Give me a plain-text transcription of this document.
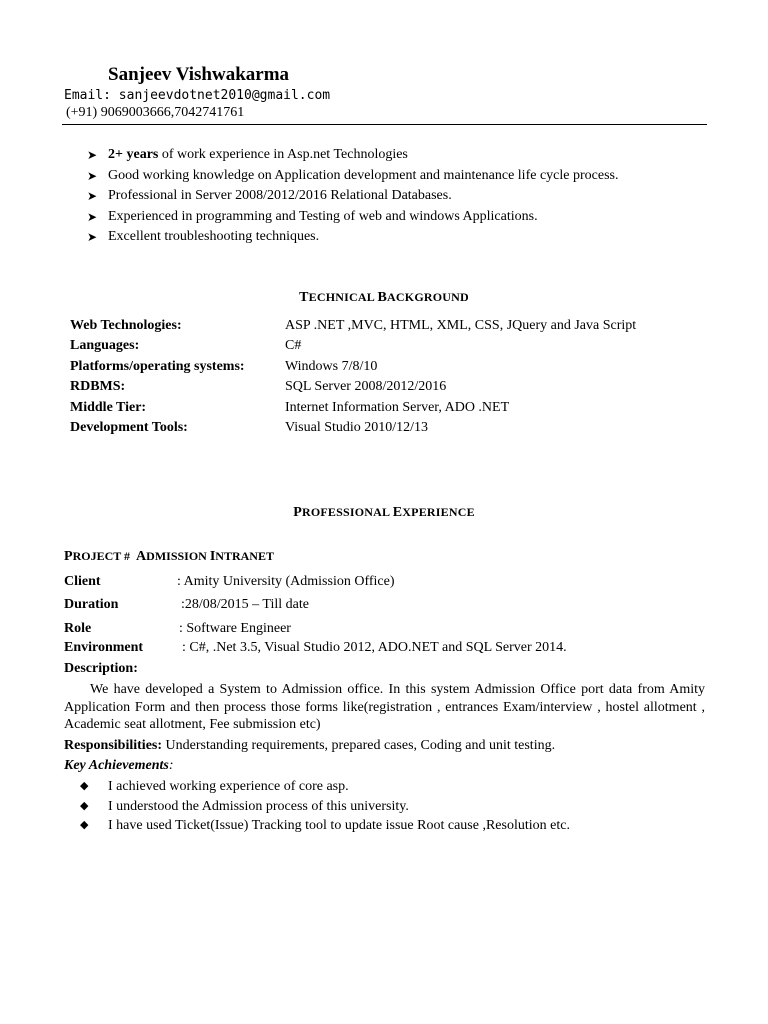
Sanjeev Vishwakarma
Email: sanjeevdotnet2010@gmail.com
(+91) 9069003666,7042741761
➤ 2+ years of work experience in Asp.net Technologies
➤ Good working knowledge on Application development and maintenance life cycle process.
➤ Professional in Server 2008/2012/2016 Relational Databases.
➤ Experienced in programming and Testing of web and windows Applications.
➤ Excellent troubleshooting techniques.
TECHNICAL BACKGROUND
Web Technologies:	ASP .NET ,MVC, HTML, XML, CSS, JQuery and Java Script
Languages:	C#
Platforms/operating systems:	Windows 7/8/10
RDBMS:	SQL Server 2008/2012/2016
Middle Tier:	Internet Information Server, ADO .NET
Development Tools:	Visual Studio 2010/12/13
PROFESSIONAL EXPERIENCE
PROJECT #  ADMISSION INTRANET
Client	: Amity University (Admission Office)
Duration	:28/08/2015 – Till date
Role	: Software Engineer
Environment	: C#, .Net 3.5, Visual Studio 2012, ADO.NET and SQL Server 2014.
Description:
We have developed a System to Admission office. In this system Admission Office port data from Amity Application Form and then process those forms like(registration , entrances Exam/interview , hostel allotment , Academic seat allotment, Fee submission etc)
Responsibilities: Understanding requirements, prepared cases, Coding and unit testing.
Key Achievements:
◆ I achieved working experience of core asp.
◆ I understood the Admission process of this university.
◆ I have used Ticket(Issue) Tracking tool to update issue Root cause ,Resolution etc.
